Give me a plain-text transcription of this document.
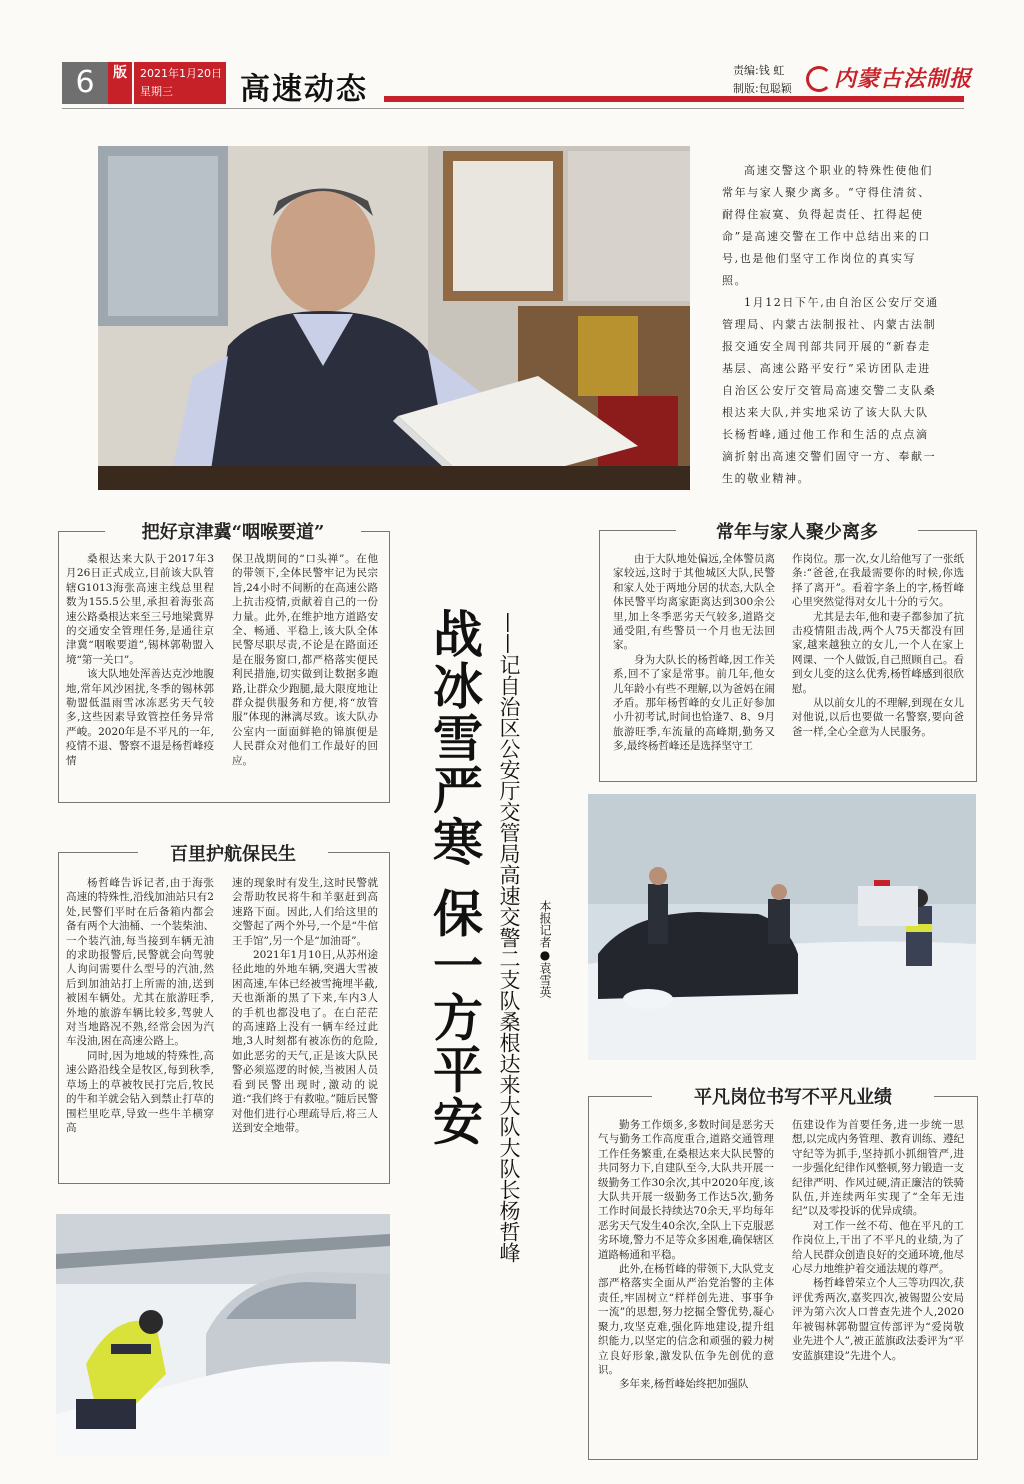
6	版	2021年1月20日
星期三	高速动态
责编:钱 虹
制版:包聪颖 内蒙古法制报

高速交警这个职业的特殊性使他们常年与家人聚少离多。“守得住清贫、耐得住寂寞、负得起责任、扛得起使命”是高速交警在工作中总结出来的口号,也是他们坚守工作岗位的真实写照。

1月12日下午,由自治区公安厅交通管理局、内蒙古法制报社、内蒙古法制报交通安全周刊部共同开展的“新春走基层、高速公路平安行”采访团队走进自治区公安厅交管局高速交警二支队桑根达来大队,并实地采访了该大队大队长杨哲峰,通过他工作和生活的点点滴滴折射出高速交警们固守一方、奉献一生的敬业精神。

把好京津冀“咽喉要道”

桑根达来大队于2017年3月26日正式成立,目前该大队管辖G1013海张高速主线总里程数为155.5公里,承担着海张高速公路桑根达来至三号地梁冀界的交通安全管理任务,是通往京津冀“咽喉要道”,锡林郭勒盟入境“第一关口”。

该大队地处浑善达克沙地腹地,常年风沙困扰,冬季的锡林郭勒盟低温雨雪冰冻恶劣天气较多,这些因素导致管控任务异常严峻。2020年是不平凡的一年,疫情不退、警察不退是杨哲峰疫情

保卫战期间的“口头禅”。在他的带领下,全体民警牢记为民宗旨,24小时不间断的在高速公路上抗击疫情,贡献着自己的一份力量。此外,在维护地方道路安全、畅通、平稳上,该大队全体民警尽职尽责,不论是在路面还是在服务窗口,都严格落实便民利民措施,切实做到让数据多跑路,让群众少跑腿,最大限度地让群众提供服务和方便,将“放管服”体现的淋漓尽致。该大队办公室内一面面鲜艳的锦旗便是人民群众对他们工作最好的回应。	战冰雪严寒 保一方平安 ——记自治区公安厅交管局高速交警二支队桑根达来大队大队长杨哲峰 本报记者●袁雪英
常年与家人聚少离多

由于大队地处偏远,全体警员离家较远,这时于其他城区大队,民警和家人处于两地分居的状态,大队全体民警平均离家距离达到300余公里,加上冬季恶劣天气较多,道路交通受阻,有些警员一个月也无法回家。

身为大队长的杨哲峰,因工作关系,回不了家是常事。前几年,他女儿年龄小有些不理解,以为爸妈在闹矛盾。那年杨哲峰的女儿正好参加小升初考试,时间也恰逢7、8、9月旅游旺季,车流量的高峰期,勤务又多,最终杨哲峰还是选择坚守工

作岗位。那一次,女儿给他写了一张纸条:“爸爸,在我最需要你的时候,你选择了离开”。看着字条上的字,杨哲峰心里突然觉得对女儿十分的亏欠。

尤其是去年,他和妻子都参加了抗击疫情阻击战,两个人75天都没有回家,越来越独立的女儿,一个人在家上网课、一个人做饭,自己照顾自己。看到女儿变的这么优秀,杨哲峰感到很欣慰。

从以前女儿的不理解,到现在女儿对他说,以后也要做一名警察,要向爸爸一样,全心全意为人民服务。

百里护航保民生

杨哲峰告诉记者,由于海张高速的特殊性,沿线加油站只有2处,民警们平时在后备箱内都会备有两个大油桶、一个装柴油、一个装汽油,每当接到车辆无油的求助报警后,民警就会向驾驶人询问需要什么型号的汽油,然后到加油站打上所需的油,送到被困车辆处。尤其在旅游旺季,外地的旅游车辆比较多,驾驶人对当地路况不熟,经常会因为汽车没油,困在高速公路上。

同时,因为地域的特殊性,高速公路沿线全是牧区,每到秋季,草场上的草被牧民打完后,牧民的牛和羊就会钻入到禁止打草的围栏里吃草,导致一些牛羊横穿高

速的现象时有发生,这时民警就会帮助牧民将牛和羊驱赶到高速路下面。因此,人们给这里的交警起了两个外号,一个是“牛倌王手馆”,另一个是“加油哥”。

2021年1月10日,从苏州途径此地的外地车辆,突遇大雪被困高速,车体已经被雪掩埋半截,天也渐渐的黑了下来,车内3人的手机也都没电了。在白茫茫的高速路上没有一辆车经过此地,3人时刻都有被冻伤的危险,如此恶劣的天气,正是该大队民警必须巡逻的时候,当被困人员看到民警出现时,激动的说道:“我们终于有救啦。”随后民警对他们进行心理疏导后,将三人送到安全地带。

平凡岗位书写不平凡业绩

勤务工作烦多,多数时间是恶劣天气与勤务工作高度重合,道路交通管理工作任务繁重,在桑根达来大队民警的共同努力下,自建队至今,大队共开展一级勤务工作30余次,其中2020年度,该大队共开展一级勤务工作达5次,勤务工作时间最长持续达70余天,平均每年恶劣天气发生40余次,全队上下克服恶劣环境,警力不足等众多困难,确保辖区道路畅通和平稳。

此外,在杨哲峰的带领下,大队党支部严格落实全面从严治党治警的主体责任,牢固树立“样样创先进、事事争一流”的思想,努力挖掘全警优势,凝心聚力,攻坚克难,强化阵地建设,提升组织能力,以坚定的信念和顽强的毅力树立良好形象,激发队伍争先创优的意识。

多年来,杨哲峰始终把加强队

伍建设作为首要任务,进一步统一思想,以完成内务管理、教育训练、遵纪守纪等为抓手,坚持抓小抓细管严,进一步强化纪律作风整顿,努力锻造一支纪律严明、作风过硬,清正廉洁的铁骑队伍,并连续两年实现了“全年无违纪”以及零投诉的优异成绩。

对工作一丝不苟、他在平凡的工作岗位上,干出了不平凡的业绩,为了给人民群众创造良好的交通环境,他尽心尽力地维护着交通法规的尊严。

杨哲峰曾荣立个人三等功四次,获评优秀两次,嘉奖四次,被锡盟公安局评为第六次人口普查先进个人,2020年被锡林郭勒盟宣传部评为“爱岗敬业先进个人”,被正蓝旗政法委评为“平安蓝旗建设”先进个人。
